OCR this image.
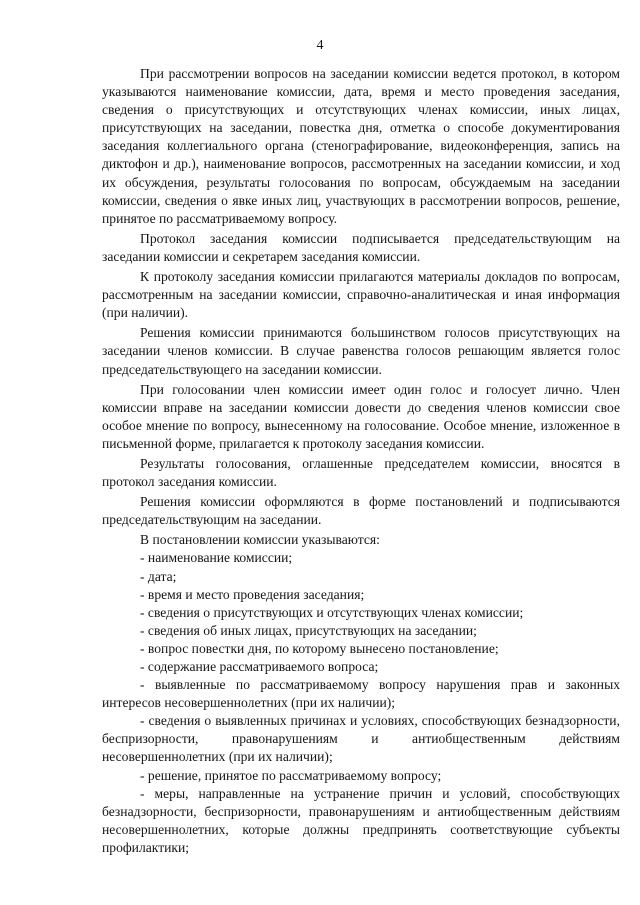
4

При рассмотрении вопросов на заседании комиссии ведется протокол, в котором указываются наименование комиссии, дата, время и место проведения заседания, сведения о присутствующих и отсутствующих членах комиссии, иных лицах, присутствующих на заседании, повестка дня, отметка о способе документирования заседания коллегиального органа (стенографирование, видеоконференция, запись на диктофон и др.), наименование вопросов, рассмотренных на заседании комиссии, и ход их обсуждения, результаты голосования по вопросам, обсуждаемым на заседании комиссии, сведения о явке иных лиц, участвующих в рассмотрении вопросов, решение, принятое по рассматриваемому вопросу.

Протокол заседания комиссии подписывается председательствующим на заседании комиссии и секретарем заседания комиссии.

К протоколу заседания комиссии прилагаются материалы докладов по вопросам, рассмотренным на заседании комиссии, справочно-аналитическая и иная информация (при наличии).

Решения комиссии принимаются большинством голосов присутствующих на заседании членов комиссии. В случае равенства голосов решающим является голос председательствующего на заседании комиссии.

При голосовании член комиссии имеет один голос и голосует лично. Член комиссии вправе на заседании комиссии довести до сведения членов комиссии свое особое мнение по вопросу, вынесенному на голосование. Особое мнение, изложенное в письменной форме, прилагается к протоколу заседания комиссии.

Результаты голосования, оглашенные председателем комиссии, вносятся в протокол заседания комиссии.

Решения комиссии оформляются в форме постановлений и подписываются председательствующим на заседании.

В постановлении комиссии указываются:

- наименование комиссии;

- дата;

- время и место проведения заседания;

- сведения о присутствующих и отсутствующих членах комиссии;

- сведения об иных лицах, присутствующих на заседании;

- вопрос повестки дня, по которому вынесено постановление;

- содержание рассматриваемого вопроса;

- выявленные по рассматриваемому вопросу нарушения прав и законных интересов несовершеннолетних (при их наличии);

- сведения о выявленных причинах и условиях, способствующих безнадзорности, беспризорности, правонарушениям и антиобщественным действиям несовершеннолетних (при их наличии);

- решение, принятое по рассматриваемому вопросу;

- меры, направленные на устранение причин и условий, способствующих безнадзорности, беспризорности, правонарушениям и антиобщественным действиям несовершеннолетних, которые должны предпринять соответствующие субъекты профилактики;
